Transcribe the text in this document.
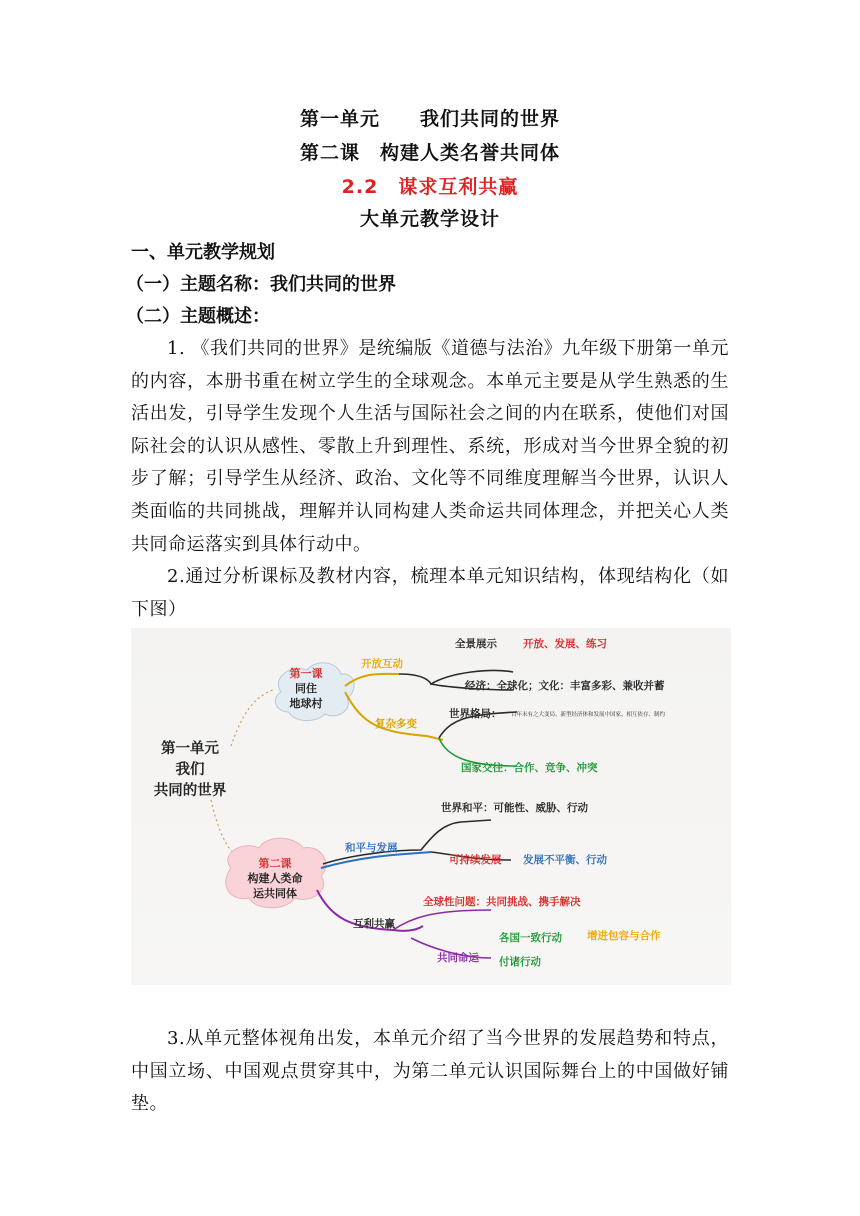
第一单元　　我们共同的世界
第二课　构建人类名誉共同体
2.2　谋求互利共赢
大单元教学设计
一、单元教学规划
（一）主题名称：我们共同的世界
（二）主题概述：
1. 《我们共同的世界》是统编版《道德与法治》九年级下册第一单元的内容，本册书重在树立学生的全球观念。本单元主要是从学生熟悉的生活出发，引导学生发现个人生活与国际社会之间的内在联系，使他们对国际社会的认识从感性、零散上升到理性、系统，形成对当今世界全貌的初步了解；引导学生从经济、政治、文化等不同维度理解当今世界，认识人类面临的共同挑战，理解并认同构建人类命运共同体理念，并把关心人类共同命运落实到具体行动中。
2.通过分析课标及教材内容，梳理本单元知识结构，体现结构化（如下图）
第一单元
我们
共同的世界
第一课
同住
地球村
第二课
构建人类命
运共同体
开放互动
复杂多变
和平与发展
互利共赢
全景展示 开放、发展、练习
经济：全球化；文化：丰富多彩、兼收并蓄
世界格局： 百年未有之大变局、新型经济体和发展中国家、相互依存、制约
国家交往：合作、竞争、冲突
世界和平：可能性、威胁、行动
可持续发展 发展不平衡、行动
全球性问题：共同挑战、携手解决
共同命运
各国一致行动 增进包容与合作
付诸行动
3.从单元整体视角出发，本单元介绍了当今世界的发展趋势和特点，中国立场、中国观点贯穿其中，为第二单元认识国际舞台上的中国做好铺垫。
